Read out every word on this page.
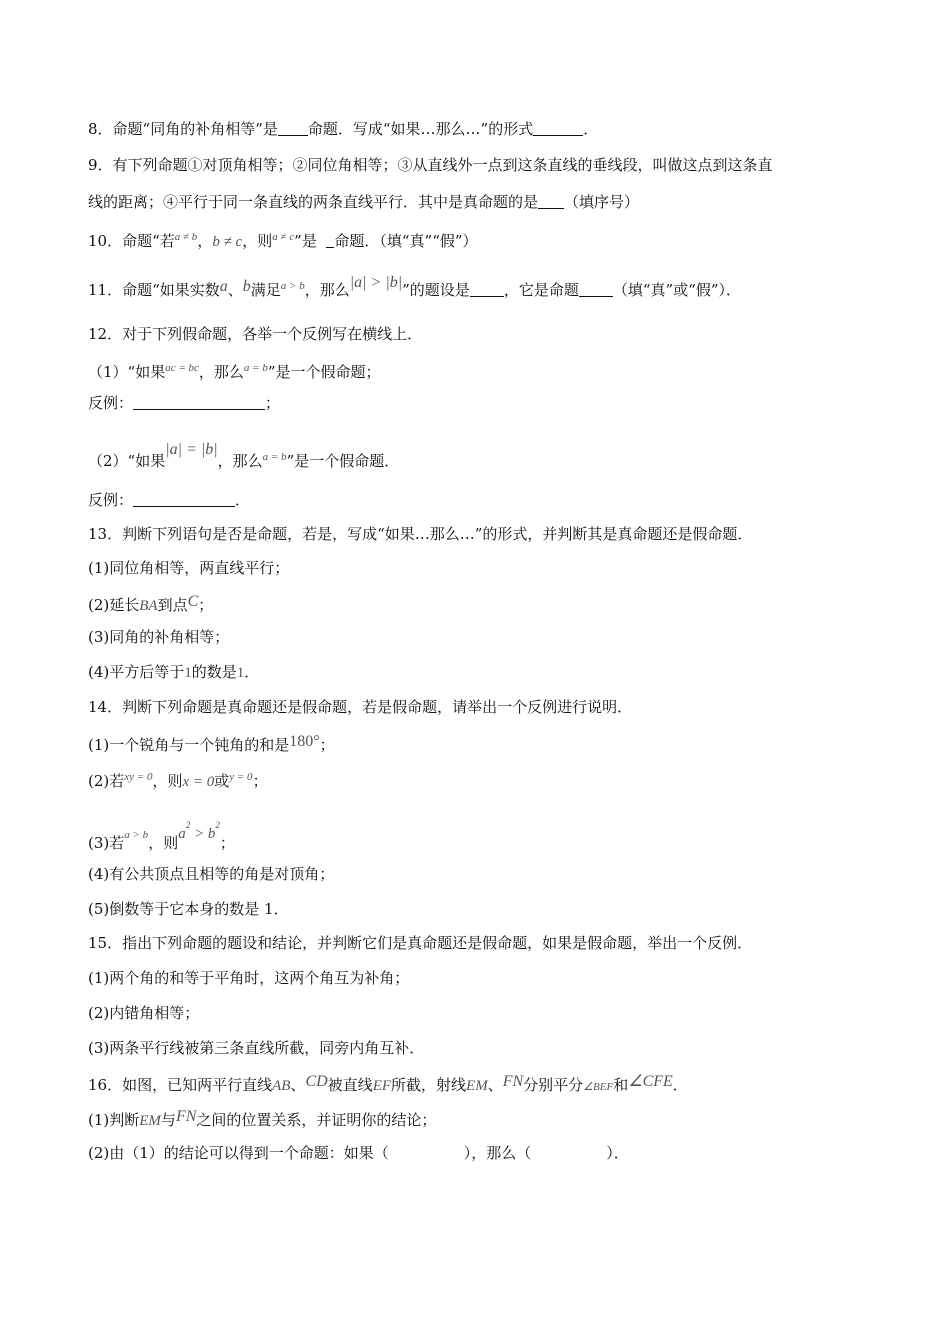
8．命题“同角的补角相等”是 命题．写成“如果…那么…”的形式	．
9．有下列命题①对顶角相等；②同位角相等；③从直线外一点到这条直线的垂线段，叫做这点到这条直
线的距离；④平行于同一条直线的两条直线平行．其中是真命题的是 （填序号）
10．命题“若$^{a \ne b}$，b ≠ c，则$^{a \ne c}$”是 命题．（填“真”“假”）
11．命题“如果实数a、b满足$^{a > b}$，那么|a| > |b|”的题设是 ，它是命题 （填“真”或“假”）．
12．对于下列假命题，各举一个反例写在横线上．
（1）“如果$^{ac = bc}$，那么$^{a = b}$”是一个假命题；
反例：	；
（2）“如果|a| = |b|，那么$^{a = b}$”是一个假命题．
反例：	．
13．判断下列语句是否是命题，若是，写成“如果…那么…”的形式，并判断其是真命题还是假命题．
(1)同位角相等，两直线平行；
(2)延长BA到点C；
(3)同角的补角相等；
(4)平方后等于1的数是1．
14．判断下列命题是真命题还是假命题，若是假命题，请举出一个反例进行说明．
(1)一个锐角与一个钝角的和是180°；
(2)若$^{xy = 0}$，则x = 0或$^{y = 0}$；
(3)若$^{a > b}$，则$a^2 > b^2$；
(4)有公共顶点且相等的角是对顶角；
(5)倒数等于它本身的数是 1．
15．指出下列命题的题设和结论，并判断它们是真命题还是假命题，如果是假命题，举出一个反例．
(1)两个角的和等于平角时，这两个角互为补角；
(2)内错角相等；
(3)两条平行线被第三条直线所截，同旁内角互补．
16．如图，已知两平行直线AB、CD被直线EF所截，射线EM、FN分别平分∠BEF和∠CFE．
(1)判断EM与FN之间的位置关系，并证明你的结论；
(2)由（1）的结论可以得到一个命题：如果（　　　　　），那么（　　　　　）．
